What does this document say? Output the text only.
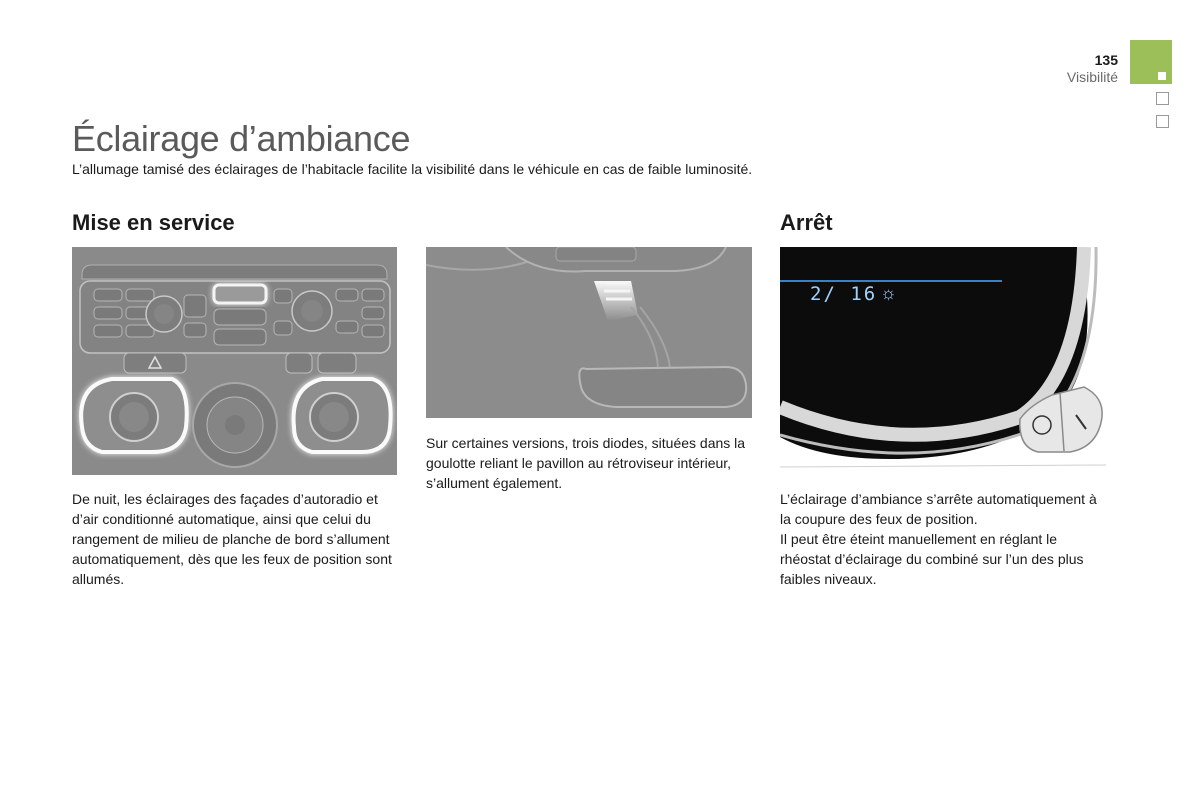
135
Visibilité
Éclairage d’ambiance

L’allumage tamisé des éclairages de l’habitacle facilite la visibilité dans le véhicule en cas de faible luminosité.

Mise en service	Arrêt
2/ 16 ☼

De nuit, les éclairages des façades d’autoradio et d’air conditionné automatique, ainsi que celui du rangement de milieu de planche de bord s’allument automatiquement, dès que les feux de position sont allumés.

Sur certaines versions, trois diodes, situées dans la goulotte reliant le pavillon au rétroviseur intérieur, s’allument également.

L’éclairage d’ambiance s’arrête automatiquement à la coupure des feux de position.

Il peut être éteint manuellement en réglant le rhéostat d’éclairage du combiné sur l’un des plus faibles niveaux.
